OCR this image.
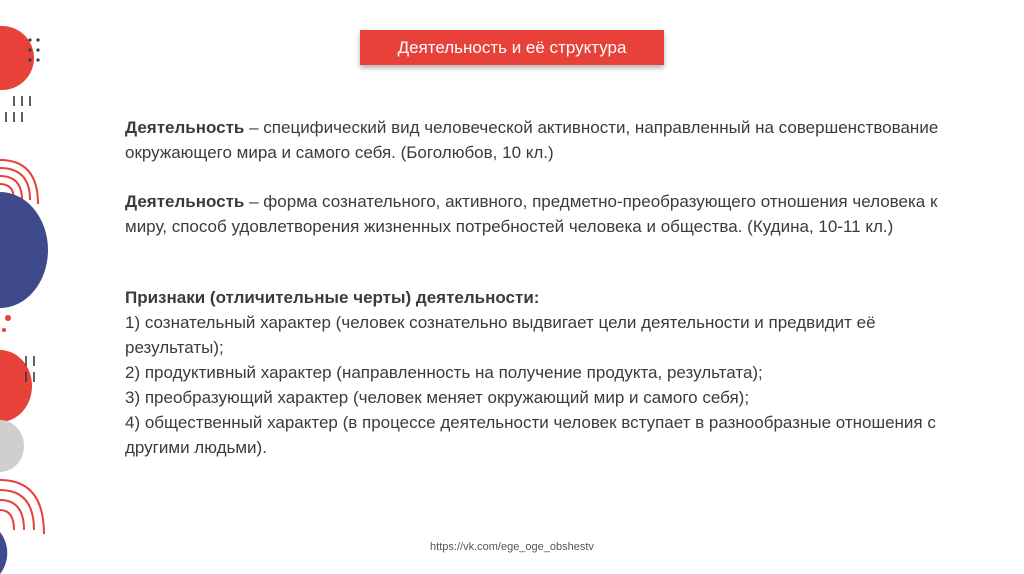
Деятельность и её структура

Деятельность – специфический вид человеческой активности, направленный на совершенствование окружающего мира и самого себя. (Боголюбов, 10 кл.)

Деятельность – форма сознательного, активного, предметно-преобразующего отношения человека к миру, способ удовлетворения жизненных потребностей человека и общества. (Кудина, 10-11 кл.)

Признаки (отличительные черты) деятельности:

1) сознательный характер (человек сознательно выдвигает цели деятельности и предвидит её результаты);

2) продуктивный характер (направленность на получение продукта, результата);

3) преобразующий характер (человек меняет окружающий мир и самого себя);

4) общественный характер (в процессе деятельности человек вступает в разнообразные отношения с другими людьми).

https://vk.com/ege_oge_obshestv
